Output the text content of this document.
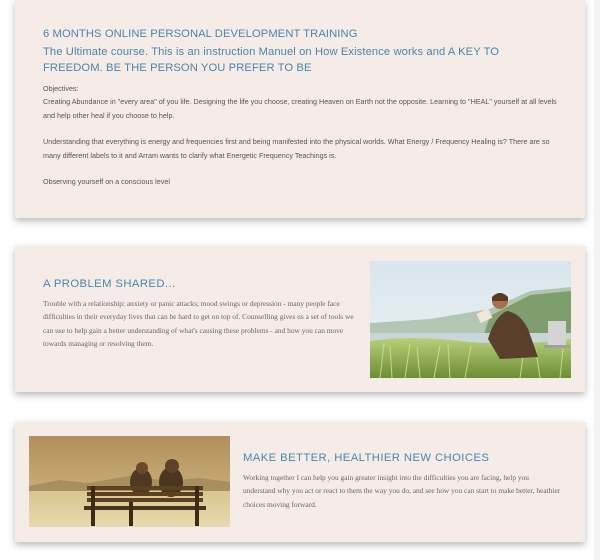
6 MONTHS ONLINE PERSONAL DEVELOPMENT TRAINING

The Ultimate course. This is an instruction Manuel on How Existence works and A KEY TO FREEDOM. BE THE PERSON YOU PREFER TO BE

Objectives:

Creating Abundance in "every area" of you life. Designing the life you choose, creating Heaven on Earth not the opposite. Learning to "HEAL" yourself at all levels and help other heal if you choose to help.

Understanding that everything is energy and frequencies first and being manifested into the physical worlds. What Energy / Frequency Healing is? There are so many different labels to it and Arram wants to clarify what Energetic Frequency Teachings is.

Observing yourseff on a conscious level

A PROBLEM SHARED...

Trouble with a relationship; anxiety or panic attacks; mood swings or depression - many people face difficulties in their everyday lives that can be hard to get on top of. Counselling gives us a set of tools we can use to help gain a better understanding of what's causing these problems - and how you can move towards managing or resolving them.

MAKE BETTER, HEALTHIER NEW CHOICES

Working together I can help you gain greater insight into the difficulties you are facing, help you understand why you act or react to them the way you do, and see how you can start to make better, heathier choices moving forward.
